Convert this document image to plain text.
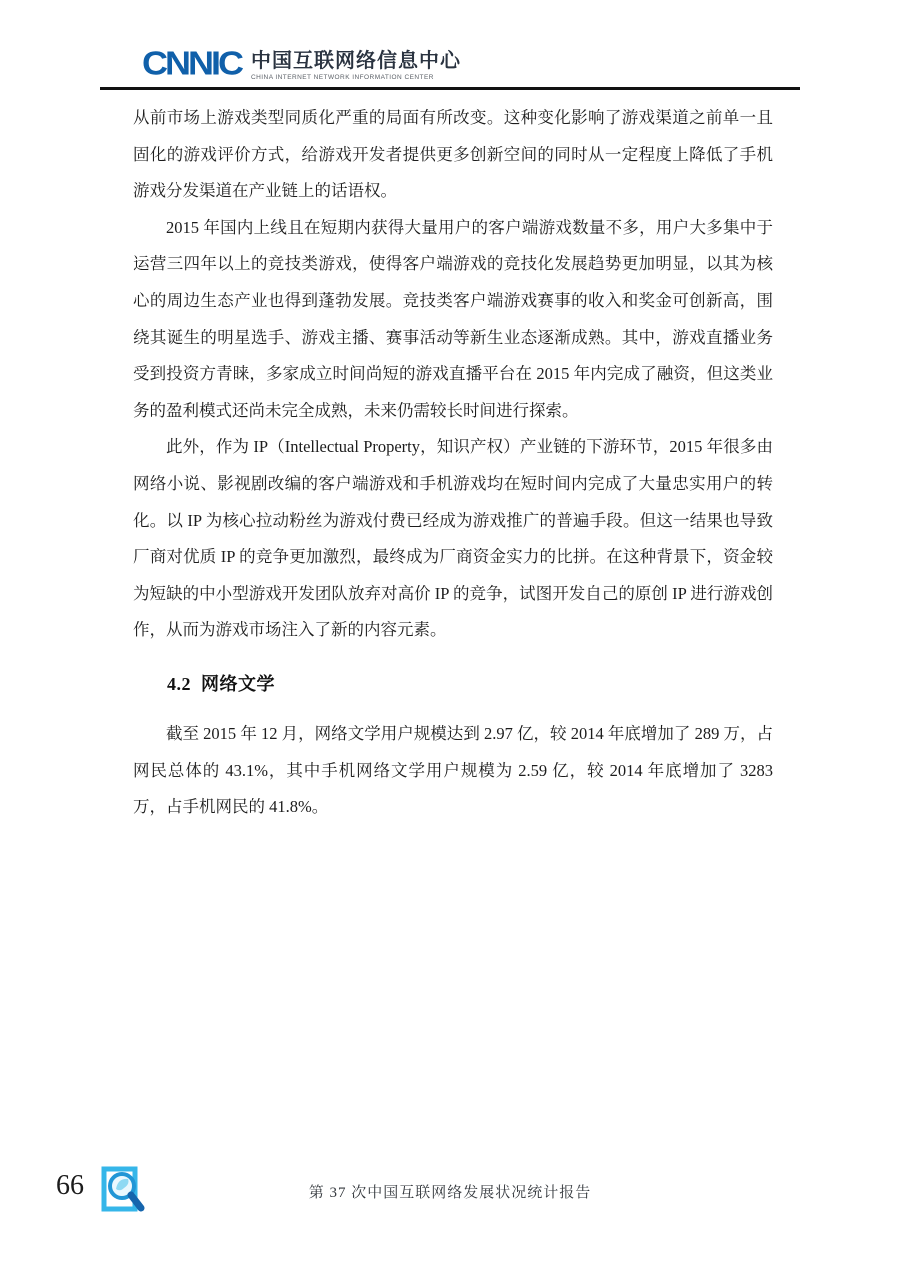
CNNIC 中国互联网络信息中心
CHINA INTERNET NETWORK INFORMATION CENTER

从前市场上游戏类型同质化严重的局面有所改变。这种变化影响了游戏渠道之前单一且固化的游戏评价方式，给游戏开发者提供更多创新空间的同时从一定程度上降低了手机游戏分发渠道在产业链上的话语权。

2015 年国内上线且在短期内获得大量用户的客户端游戏数量不多，用户大多集中于运营三四年以上的竞技类游戏，使得客户端游戏的竞技化发展趋势更加明显，以其为核心的周边生态产业也得到蓬勃发展。竞技类客户端游戏赛事的收入和奖金可创新高，围绕其诞生的明星选手、游戏主播、赛事活动等新生业态逐渐成熟。其中，游戏直播业务受到投资方青睐，多家成立时间尚短的游戏直播平台在 2015 年内完成了融资，但这类业务的盈利模式还尚未完全成熟，未来仍需较长时间进行探索。

此外，作为 IP（Intellectual Property，知识产权）产业链的下游环节，2015 年很多由网络小说、影视剧改编的客户端游戏和手机游戏均在短时间内完成了大量忠实用户的转化。以 IP 为核心拉动粉丝为游戏付费已经成为游戏推广的普遍手段。但这一结果也导致厂商对优质 IP 的竞争更加激烈，最终成为厂商资金实力的比拼。在这种背景下，资金较为短缺的中小型游戏开发团队放弃对高价 IP 的竞争，试图开发自己的原创 IP 进行游戏创作，从而为游戏市场注入了新的内容元素。

4.2 网络文学

截至 2015 年 12 月，网络文学用户规模达到 2.97 亿，较 2014 年底增加了 289 万，占网民总体的 43.1%，其中手机网络文学用户规模为 2.59 亿，较 2014 年底增加了 3283 万，占手机网民的 41.8%。

66	第 37 次中国互联网络发展状况统计报告
